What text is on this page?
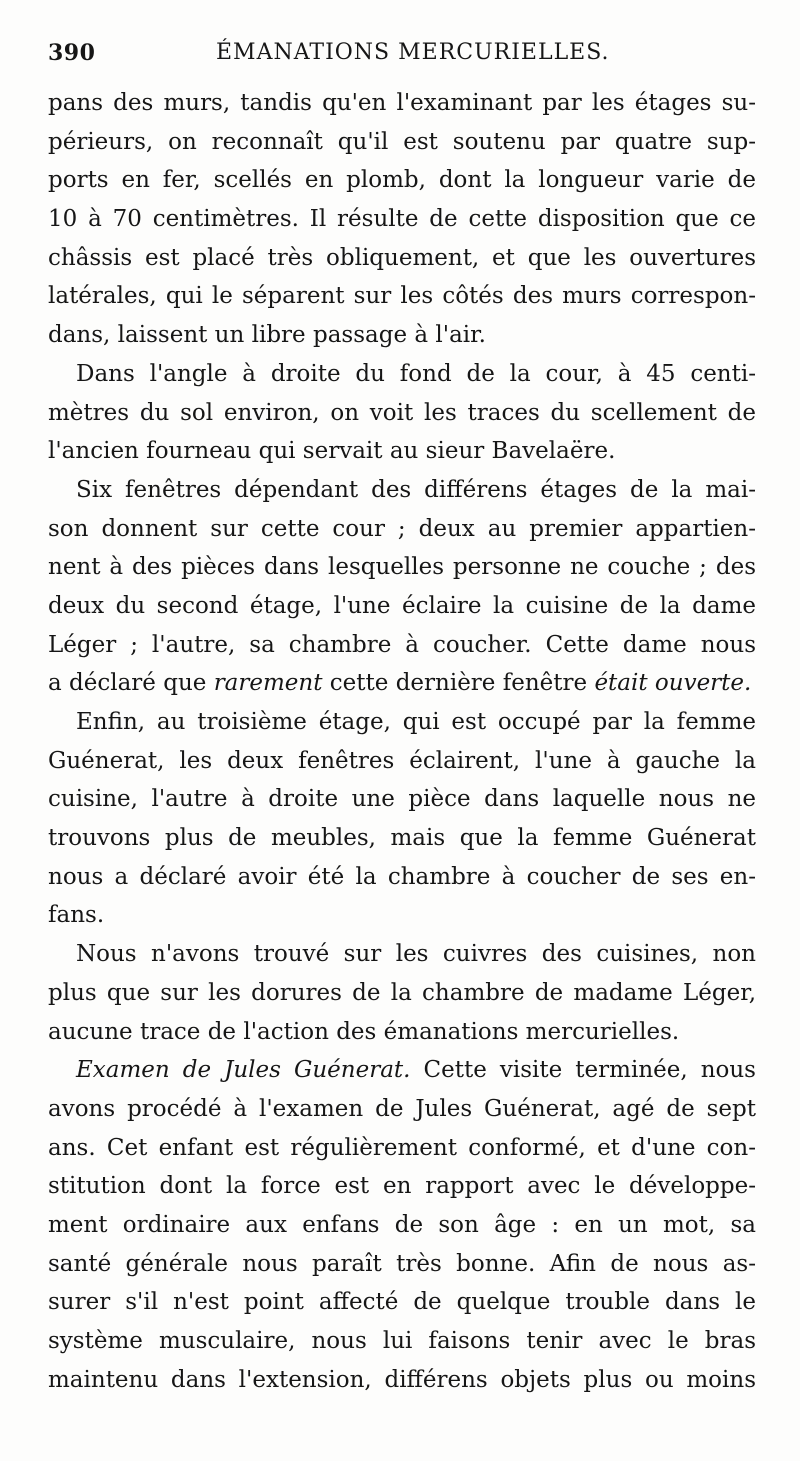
390	ÉMANATIONS MERCURIELLES.
pans des murs, tandis qu'en l'examinant par les étages su-
périeurs, on reconnaît qu'il est soutenu par quatre sup-
ports en fer, scellés en plomb, dont la longueur varie de
10 à 70 centimètres. Il résulte de cette disposition que ce
châssis est placé très obliquement, et que les ouvertures
latérales, qui le séparent sur les côtés des murs correspon-
dans, laissent un libre passage à l'air.
Dans l'angle à droite du fond de la cour, à 45 centi-
mètres du sol environ, on voit les traces du scellement de
l'ancien fourneau qui servait au sieur Bavelaëre.
Six fenêtres dépendant des différens étages de la mai-
son donnent sur cette cour ; deux au premier appartien-
nent à des pièces dans lesquelles personne ne couche ; des
deux du second étage, l'une éclaire la cuisine de la dame
Léger ; l'autre, sa chambre à coucher. Cette dame nous
a déclaré que rarement cette dernière fenêtre était ouverte.
Enfin, au troisième étage, qui est occupé par la femme
Guénerat, les deux fenêtres éclairent, l'une à gauche la
cuisine, l'autre à droite une pièce dans laquelle nous ne
trouvons plus de meubles, mais que la femme Guénerat
nous a déclaré avoir été la chambre à coucher de ses en-
fans.
Nous n'avons trouvé sur les cuivres des cuisines, non
plus que sur les dorures de la chambre de madame Léger,
aucune trace de l'action des émanations mercurielles.
Examen de Jules Guénerat. Cette visite terminée, nous
avons procédé à l'examen de Jules Guénerat, agé de sept
ans. Cet enfant est régulièrement conformé, et d'une con-
stitution dont la force est en rapport avec le développe-
ment ordinaire aux enfans de son âge : en un mot, sa
santé générale nous paraît très bonne. Afin de nous as-
surer s'il n'est point affecté de quelque trouble dans le
système musculaire, nous lui faisons tenir avec le bras
maintenu dans l'extension, différens objets plus ou moins
